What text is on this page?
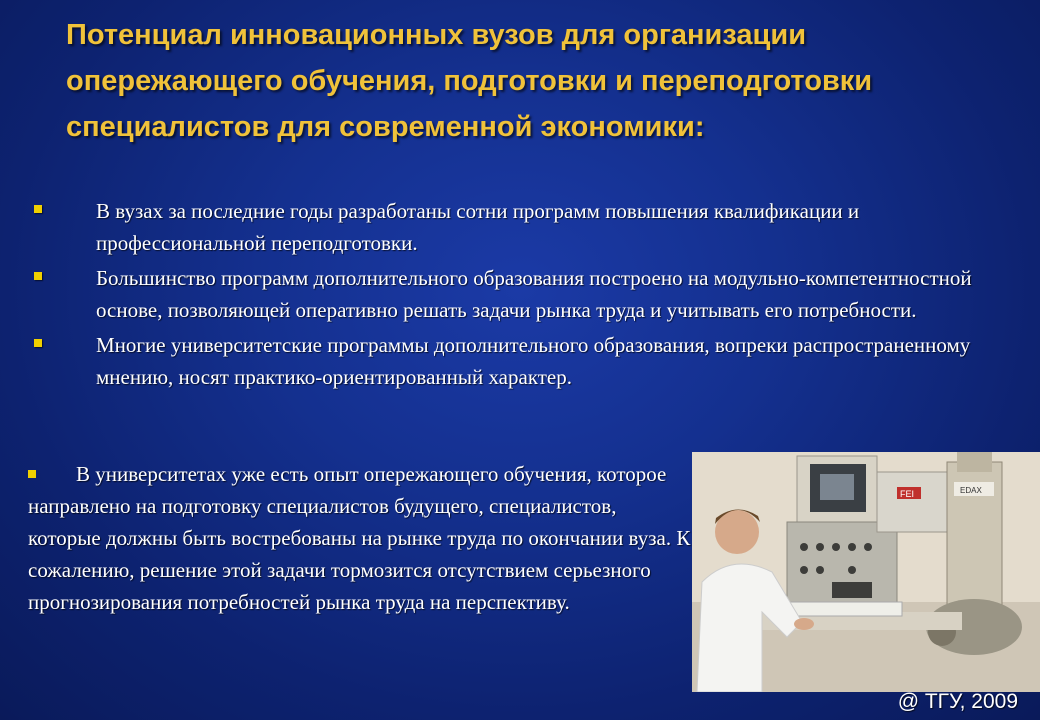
Потенциал инновационных вузов для организации опережающего обучения, подготовки и переподготовки специалистов для современной экономики:
В вузах за последние годы разработаны сотни программ повышения квалификации и профессиональной переподготовки.
Большинство программ дополнительного образования построено на модульно-компетентностной основе, позволяющей оперативно решать задачи рынка труда и учитывать его потребности.
Многие университетские программы дополнительного образования, вопреки распространенному мнению, носят практико-ориентированный характер.
В университетах уже есть опыт опережающего обучения, которое направлено на подготовку специалистов будущего, специалистов, которые должны быть востребованы на рынке труда по окончании вуза. К сожалению, решение этой задачи тормозится отсутствием серьезного прогнозирования потребностей рынка труда на перспективу.
FEI	EDAX
@ ТГУ, 2009
